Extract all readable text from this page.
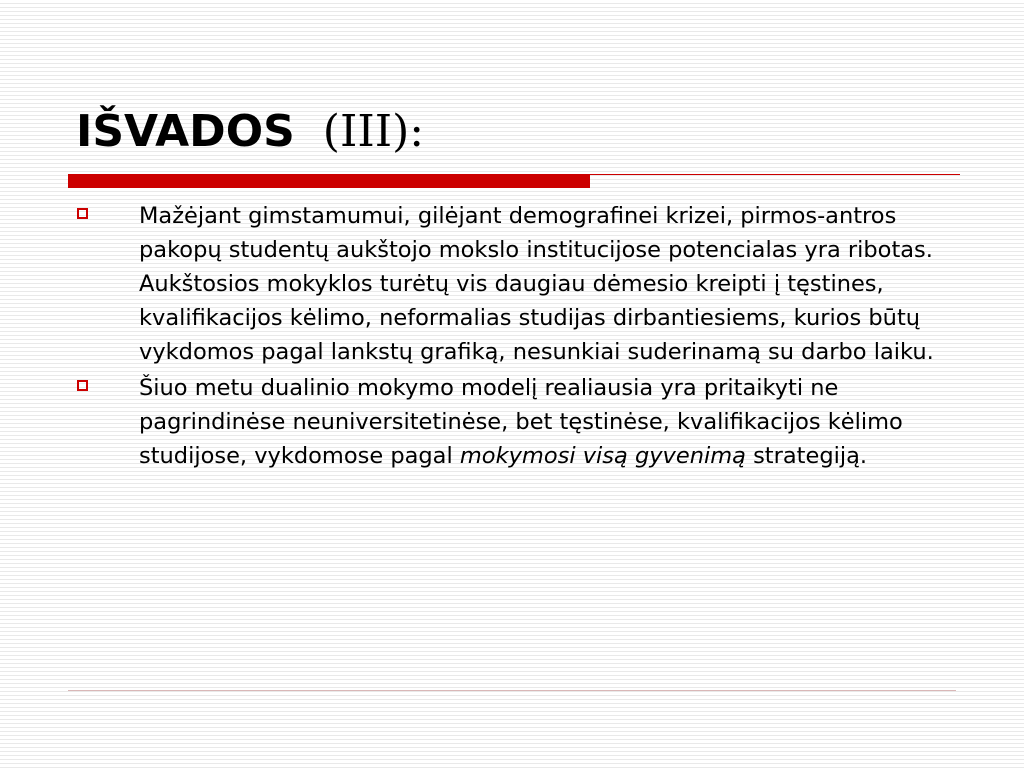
IŠVADOS (III):
Mažėjant gimstamumui, gilėjant demografinei krizei, pirmos-antros pakopų studentų aukštojo mokslo institucijose potencialas yra ribotas. Aukštosios mokyklos turėtų vis daugiau dėmesio kreipti į tęstines, kvalifikacijos kėlimo, neformalias studijas dirbantiesiems, kurios būtų vykdomos pagal lankstų grafiką, nesunkiai suderinamą su darbo laiku.
Šiuo metu dualinio mokymo modelį realiausia yra pritaikyti ne pagrindinėse neuniversitetinėse, bet tęstinėse, kvalifikacijos kėlimo studijose, vykdomose pagal mokymosi visą gyvenimą strategiją.
